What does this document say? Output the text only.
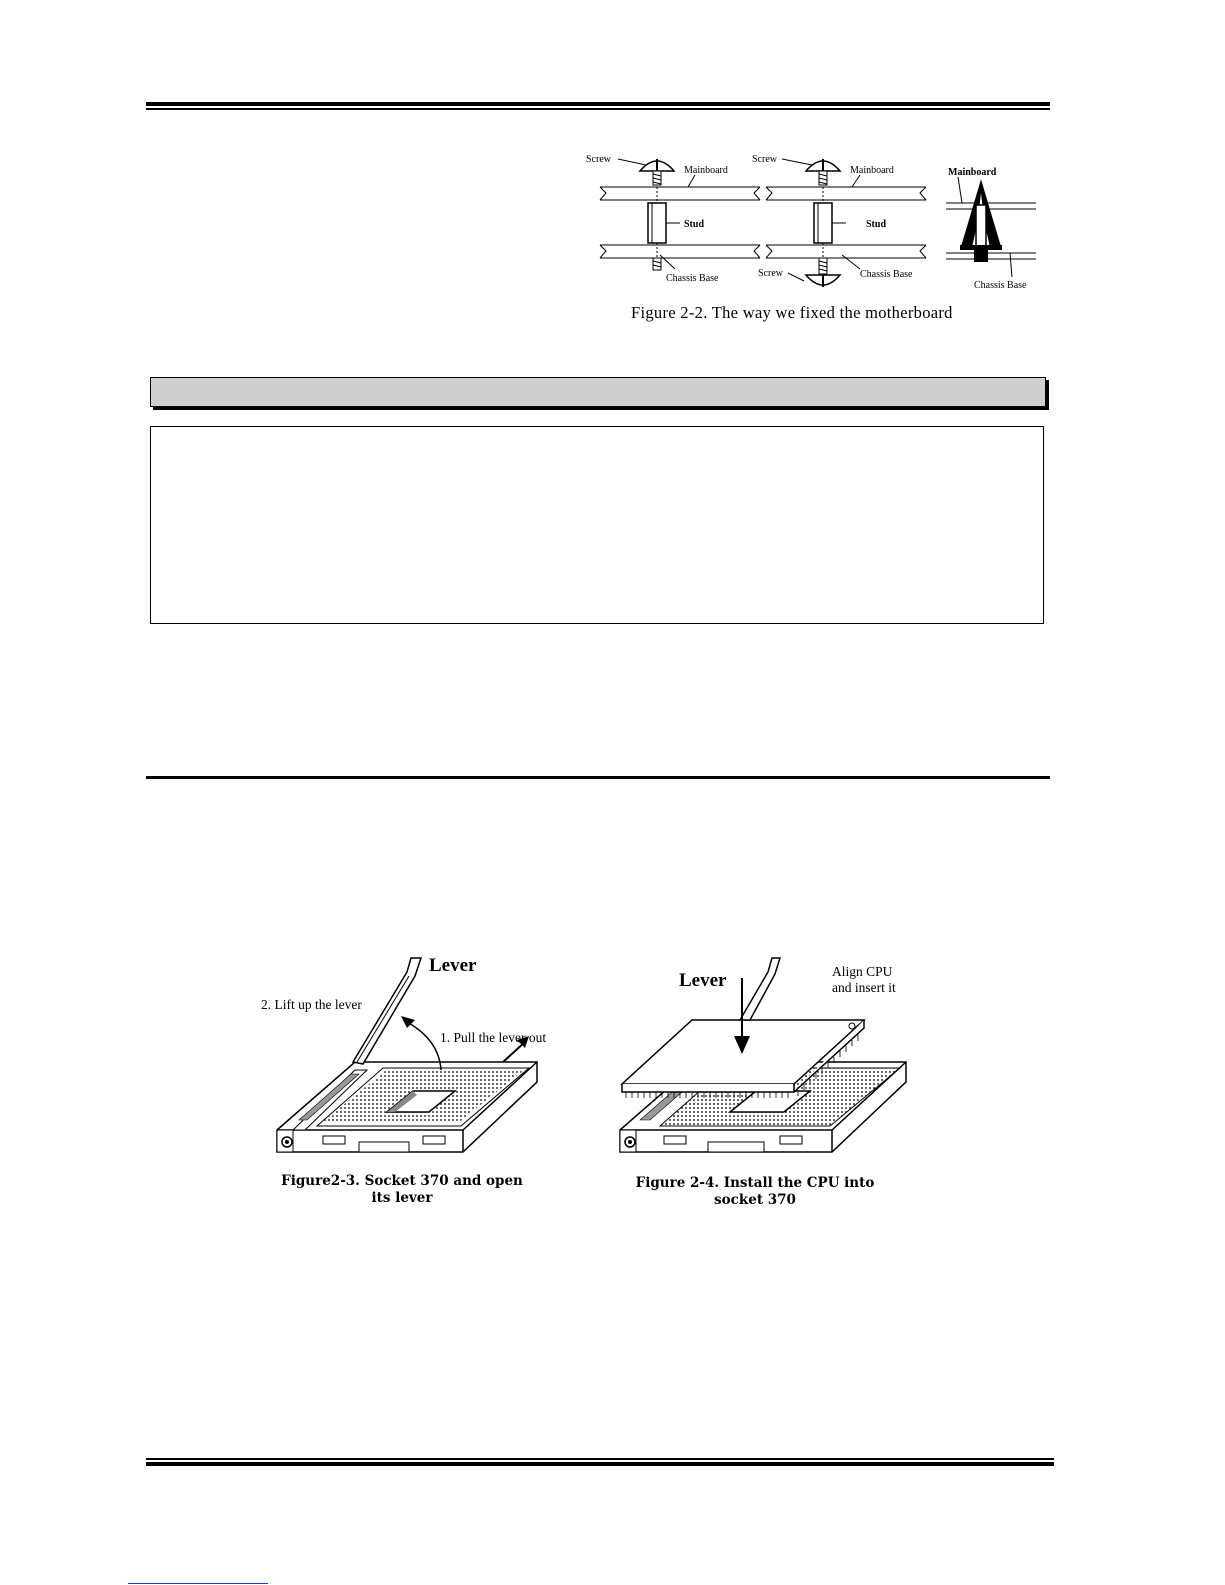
Screw
Mainboard
Stud
Chassis Base
Screw
Mainboard
Stud
Screw	Chassis Base
Mainboard
Chassis Base
Figure 2-2. The way we fixed the motherboard
Lever
2. Lift up the lever
1. Pull the lever out
Figure2-3. Socket 370 and open
its lever
Lever	Align CPU
and insert it
Figure 2-4. Install the CPU into
socket 370
